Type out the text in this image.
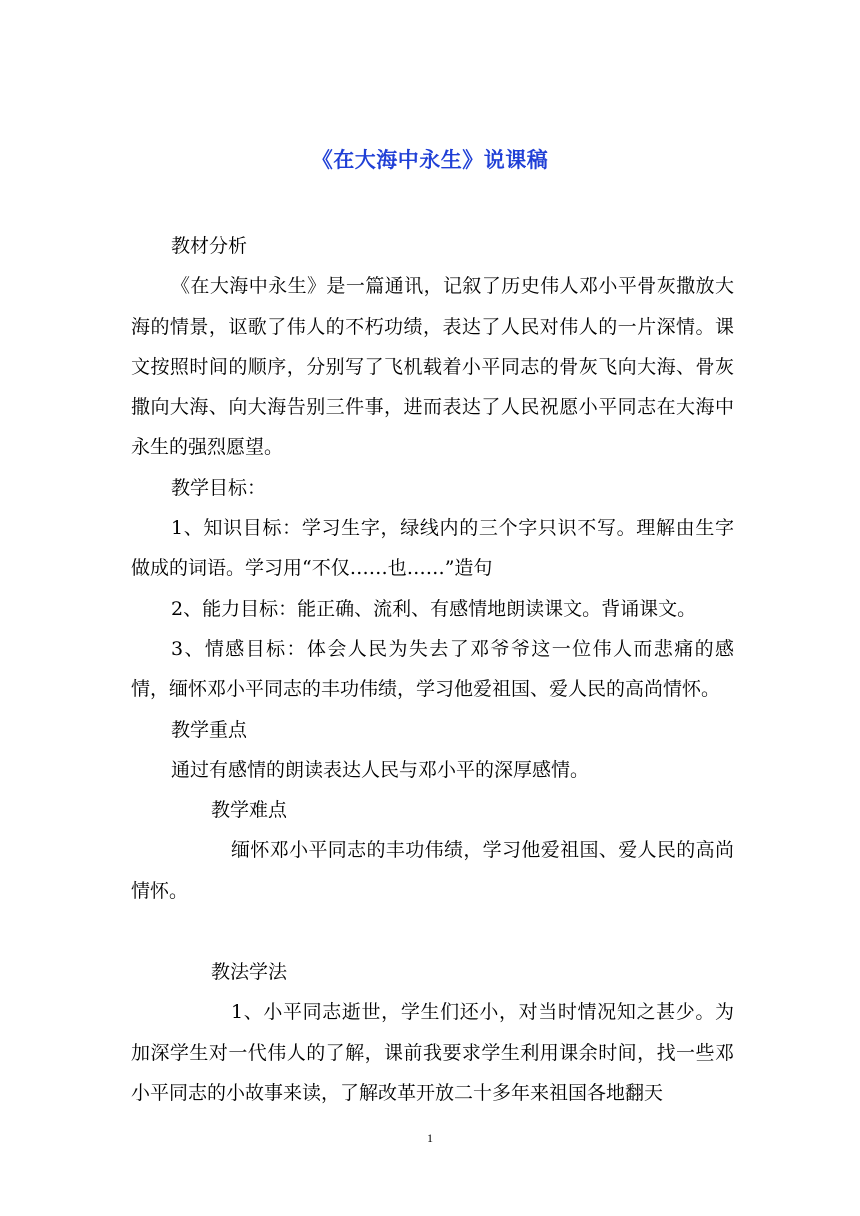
《在大海中永生》说课稿

教材分析

《在大海中永生》是一篇通讯，记叙了历史伟人邓小平骨灰撒放大海的情景，讴歌了伟人的不朽功绩，表达了人民对伟人的一片深情。课文按照时间的顺序，分别写了飞机载着小平同志的骨灰飞向大海、骨灰撒向大海、向大海告别三件事，进而表达了人民祝愿小平同志在大海中永生的强烈愿望。

教学目标：

1、知识目标：学习生字，绿线内的三个字只识不写。理解由生字做成的词语。学习用“不仅……也……”造句

2、能力目标：能正确、流利、有感情地朗读课文。背诵课文。

3、情感目标：体会人民为失去了邓爷爷这一位伟人而悲痛的感情，缅怀邓小平同志的丰功伟绩，学习他爱祖国、爱人民的高尚情怀。

教学重点

通过有感情的朗读表达人民与邓小平的深厚感情。

教学难点

缅怀邓小平同志的丰功伟绩，学习他爱祖国、爱人民的高尚情怀。

教法学法

1、小平同志逝世，学生们还小，对当时情况知之甚少。为加深学生对一代伟人的了解，课前我要求学生利用课余时间，找一些邓小平同志的小故事来读，了解改革开放二十多年来祖国各地翻天

1
